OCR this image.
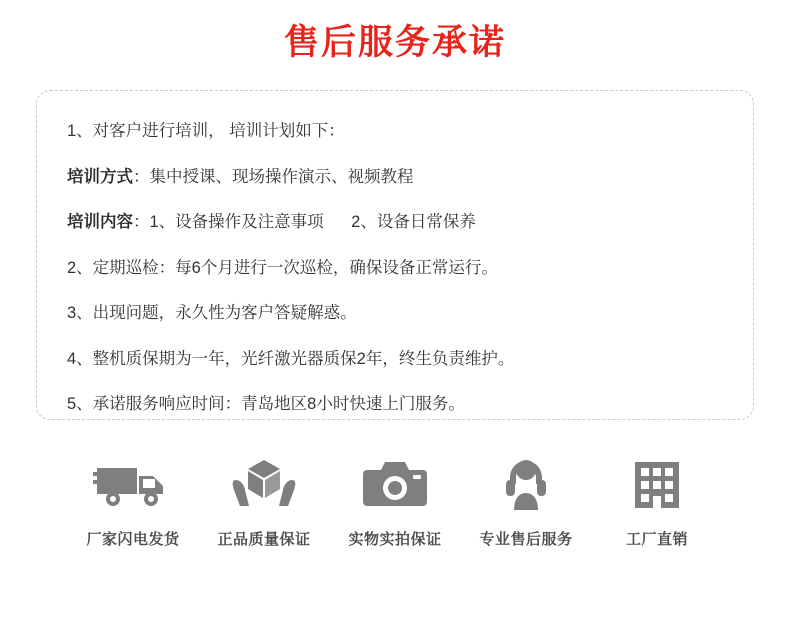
售后服务承诺
1、对客户进行培训， 培训计划如下：
培训方式：集中授课、现场操作演示、视频教程
培训内容：1、设备操作及注意事项      2、设备日常保养
2、定期巡检：每6个月进行一次巡检，确保设备正常运行。
3、出现问题，永久性为客户答疑解惑。
4、整机质保期为一年，光纤激光器质保2年，终生负责维护。
5、承诺服务响应时间：青岛地区8小时快速上门服务。
厂家闪电发货	正品质量保证	实物实拍保证	专业售后服务	工厂直销
